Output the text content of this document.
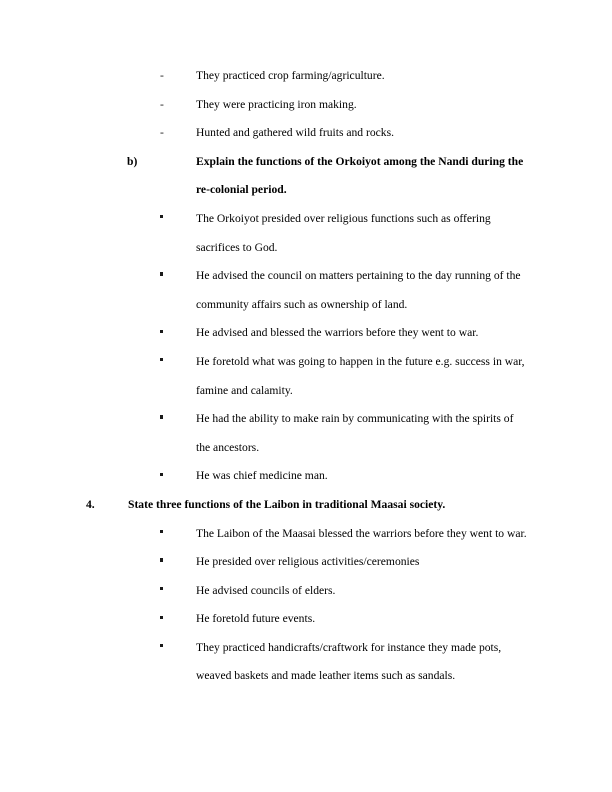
-
They practiced crop farming/agriculture.
-
They were practicing iron making.
-
Hunted and gathered wild fruits and rocks.
b)	Explain the functions of the Orkoiyot among the Nandi during the re-colonial period.
The Orkoiyot presided over religious functions such as offering sacrifices to God.
He advised the council on matters pertaining to the day running of the community affairs such as ownership of land.
He advised and blessed the warriors before they went to war.
He foretold what was going to happen in the future e.g. success in war, famine and calamity.
He had the ability to make rain by communicating with the spirits of the ancestors.
He was chief medicine man.
4.	State three functions of the Laibon in traditional Maasai society.
The Laibon of the Maasai blessed the warriors before they went to war.
He presided over religious activities/ceremonies
He advised councils of elders.
He foretold future events.
They practiced handicrafts/craftwork for instance they made pots, weaved baskets and made leather items such as sandals.
